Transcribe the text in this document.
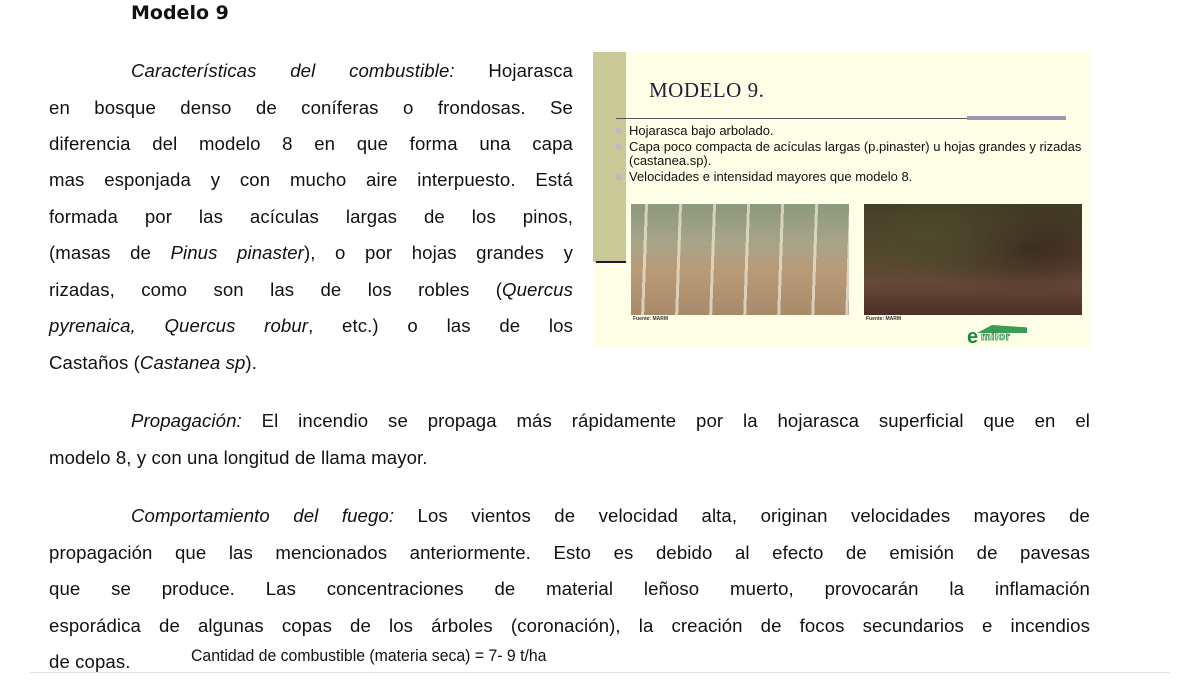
Modelo 9
Características del combustible: Hojarasca
en bosque denso de coníferas o frondosas. Se
diferencia del modelo 8 en que forma una capa
mas esponjada y con mucho aire interpuesto. Está
formada por las acículas largas de los pinos,
(masas de Pinus pinaster), o por hojas grandes y
rizadas, como son las de los robles (Quercus
pyrenaica, Quercus robur, etc.) o las de los
Castaños (Castanea sp).
MODELO 9.
Hojarasca bajo arbolado.
Capa poco compacta de acículas largas (p.pinaster) u hojas grandes y rizadas (castanea.sp).
Velocidades e intensidad mayores que modelo 8.
Fuente: MARM	Fuente: MARM
e milor
Propagación: El incendio se propaga más rápidamente por la hojarasca superficial que en el
modelo 8, y con una longitud de llama mayor.
Comportamiento del fuego: Los vientos de velocidad alta, originan velocidades mayores de
propagación que las mencionados anteriormente. Esto es debido al efecto de emisión de pavesas
que se produce. Las concentraciones de material leñoso muerto, provocarán la inflamación
esporádica de algunas copas de los árboles (coronación), la creación de focos secundarios e incendios
de copas.	Cantidad de combustible (materia seca) = 7- 9 t/ha
